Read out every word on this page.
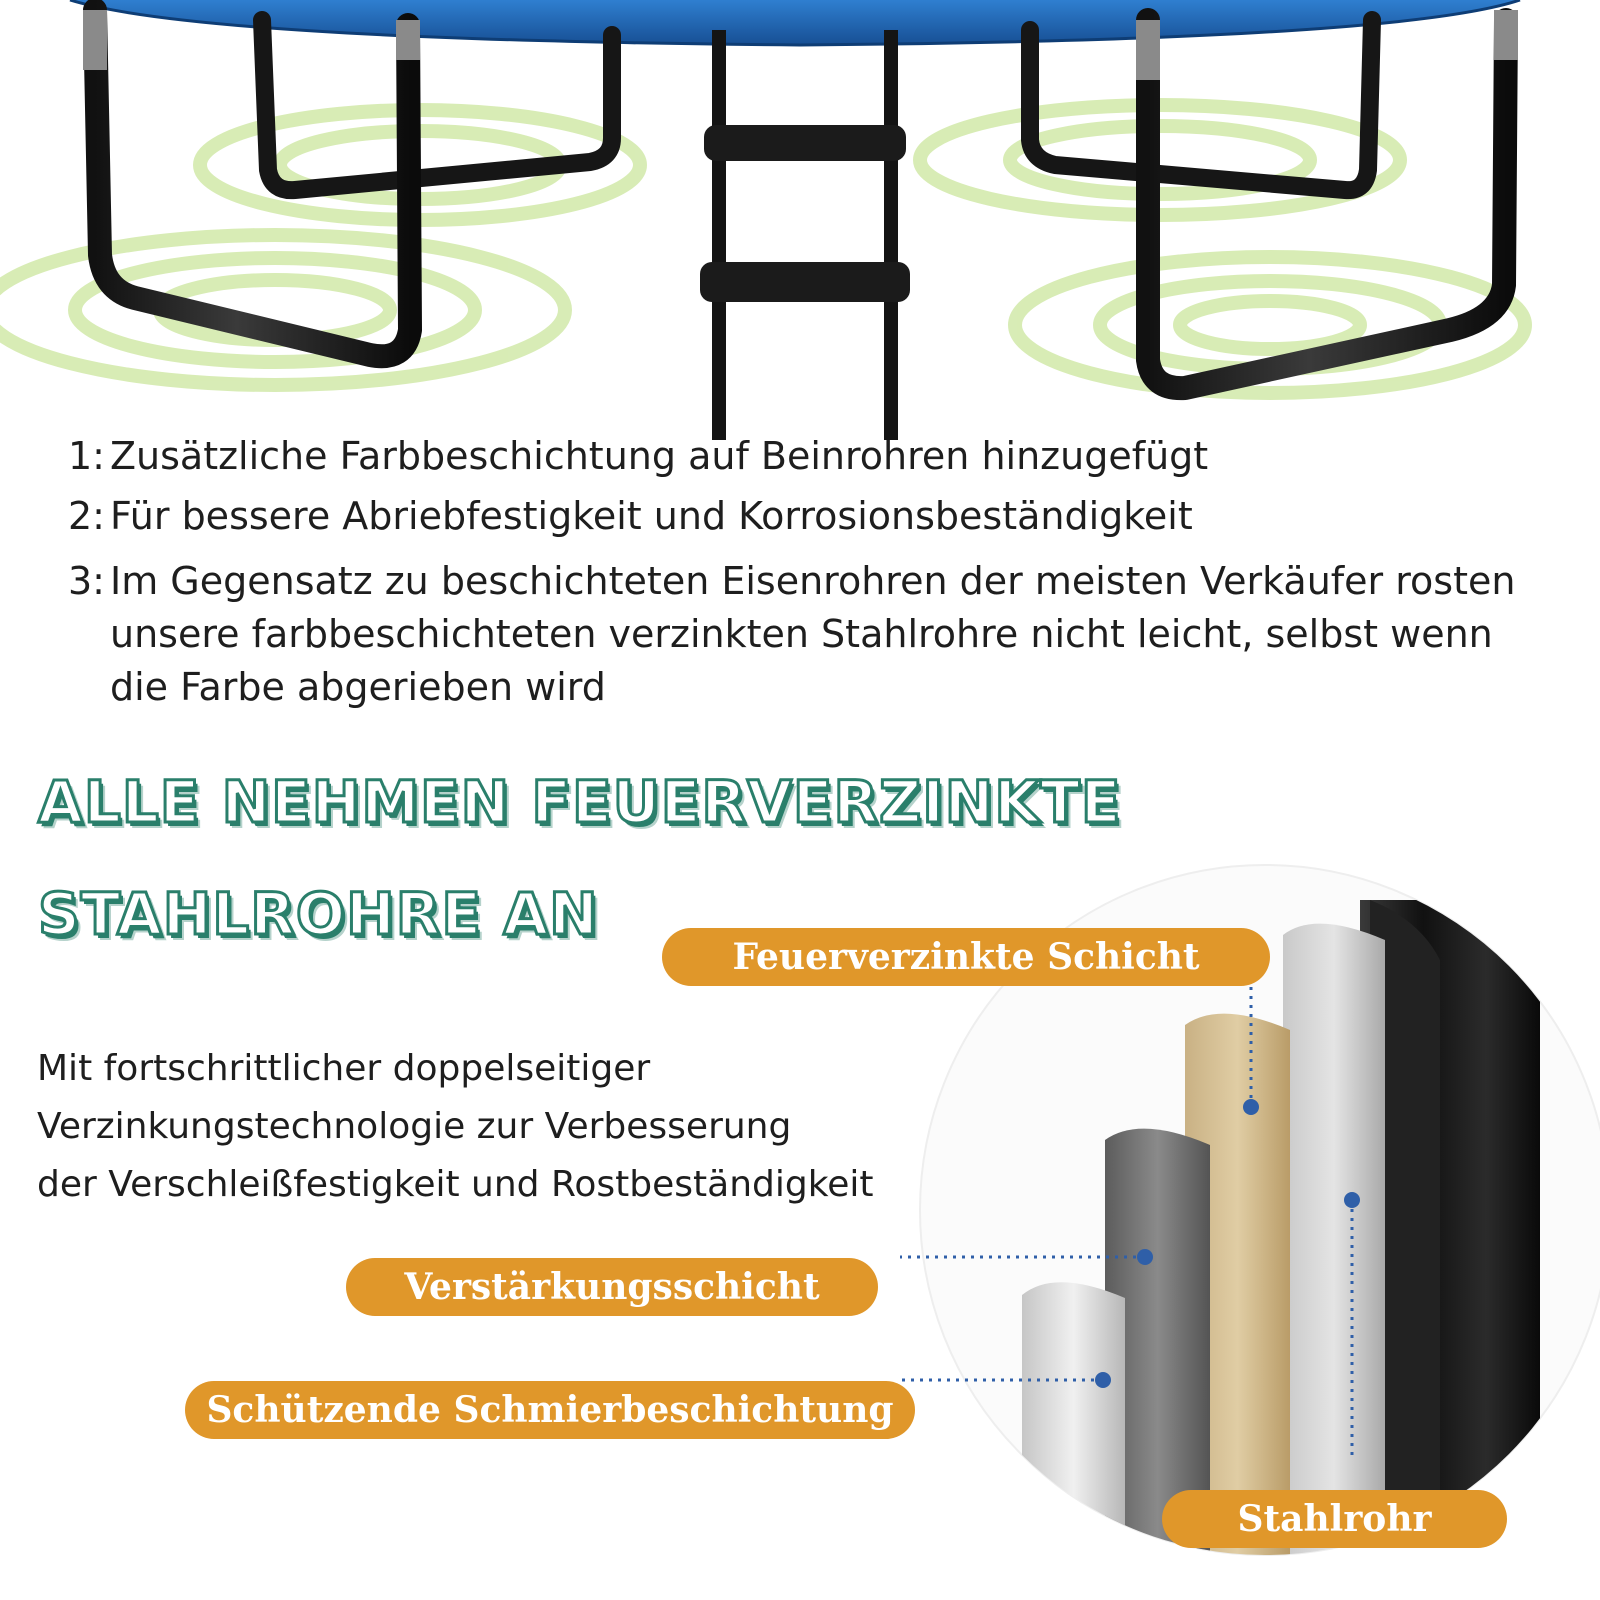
1: Zusätzliche Farbbeschichtung auf Beinrohren hinzugefügt
2: Für bessere Abriebfestigkeit und Korrosionsbeständigkeit
3: Im Gegensatz zu beschichteten Eisenrohren der meisten Verkäufer rosten
unsere farbbeschichteten verzinkten Stahlrohre nicht leicht, selbst wenn
die Farbe abgerieben wird
ALLE NEHMEN FEUERVERZINKTE
STAHLROHRE AN
Mit fortschrittlicher doppelseitiger
Verzinkungstechnologie zur Verbesserung
der Verschleißfestigkeit und Rostbeständigkeit
Feuerverzinkte Schicht
Verstärkungsschicht
Schützende Schmierbeschichtung
Stahlrohr
